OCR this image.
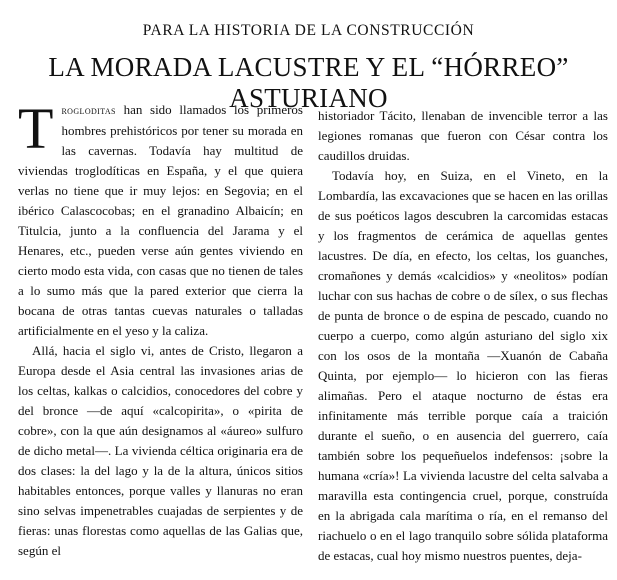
PARA LA HISTORIA DE LA CONSTRUCCIÓN
LA MORADA LACUSTRE Y EL “HÓRREO” ASTURIANO

Trogloditas han sido llamados los primeros hombres prehistóricos por tener su morada en las cavernas. Todavía hay multitud de viviendas troglodíticas en España, y el que quiera verlas no tiene que ir muy lejos: en Segovia; en el ibérico Calascocobas; en el granadino Albaicín; en Titulcia, junto a la confluencia del Jarama y el Henares, etc., pueden verse aún gentes viviendo en cierto modo esta vida, con casas que no tienen de tales a lo sumo más que la pared exterior que cierra la bocana de otras tantas cuevas naturales o talladas artificialmente en el yeso y la caliza.

Allá, hacia el siglo vi, antes de Cristo, llegaron a Europa desde el Asia central las invasiones arias de los celtas, kalkas o calcidios, conocedores del cobre y del bronce —de aquí «calcopirita», o «pirita de cobre», con la que aún designamos al «áureo» sulfuro de dicho metal—. La vivienda céltica originaria era de dos clases: la del lago y la de la altura, únicos sitios habitables entonces, porque valles y llanuras no eran sino selvas impenetrables cuajadas de serpientes y de fieras: unas florestas como aquellas de las Galias que, según el

historiador Tácito, llenaban de invencible terror a las legiones romanas que fueron con César contra los caudillos druidas.

Todavía hoy, en Suiza, en el Vineto, en la Lombardía, las excavaciones que se hacen en las orillas de sus poéticos lagos descubren la carcomidas estacas y los fragmentos de cerámica de aquellas gentes lacustres. De día, en efecto, los celtas, los guanches, cromañones y demás «calcidios» y «neolitos» podían luchar con sus hachas de cobre o de sílex, o sus flechas de punta de bronce o de espina de pescado, cuando no cuerpo a cuerpo, como algún asturiano del siglo xix con los osos de la montaña —Xuanón de Cabaña Quinta, por ejemplo— lo hicieron con las fieras alimañas. Pero el ataque nocturno de éstas era infinitamente más terrible porque caía a traición durante el sueño, o en ausencia del guerrero, caía también sobre los pequeñuelos indefensos: ¡sobre la humana «cría»! La vivienda lacustre del celta salvaba a maravilla esta contingencia cruel, porque, construída en la abrigada cala marítima o ría, en el remanso del riachuelo o en el lago tranquilo sobre sólida plataforma de estacas, cual hoy mismo nuestros puentes, deja-
